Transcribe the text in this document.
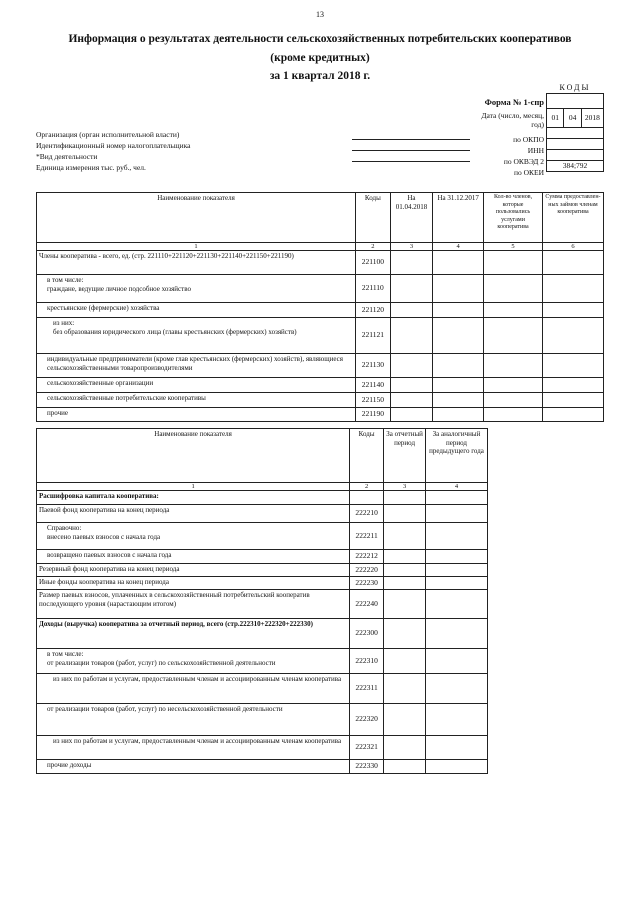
13
Информация о результатах деятельности сельскохозяйственных потребительских кооперативов
(кроме кредитных)
за 1 квартал 2018 г.
КОДЫ
Форма № 1-спр
Дата (число, месяц, год)
по ОКПО
ИНН
по ОКВЭД 2
по ОКЕИ

01	04	2018

384;792
Организация (орган исполнительной власти)
Идентификационный номер налогоплательщика
*Вид деятельности
Единица измерения тыс. руб., чел.
Наименование показателя	Коды	На 01.04.2018	На 31.12.2017	Кол-во членов, которые пользовались услугами кооператива	Сумма предоставлен-ных займов членам кооператива
1	2	3	4	5	6
Члены кооператива - всего, ед. (стр. 221110+221120+221130+221140+221150+221190)	221100				

в том числе:
граждане, ведущие личное подсобное хозяйство	221110				
крестьянские (фермерские) хозяйства	221120				

из них:
без образования юридического лица (главы крестьянских (фермерских) хозяйств)	221121				
индивидуальные предприниматели (кроме глав крестьянских (фермерских) хозяйств), являющиеся сельскохозяйственными товаропроизводителями	221130				
сельскохозяйственные организации	221140				
сельскохозяйственные потребительские кооперативы	221150				
прочие	221190				
Наименование показателя	Коды	За отчетный период	За аналогичный период предыдущего года
1	2	3	4
Расшифровка капитала кооператива:			
Паевой фонд кооператива на конец периода	222210		

Справочно:
внесено паевых взносов с начала года	222211		
возвращено паевых взносов с начала года	222212		
Резервный фонд кооператива на конец периода	222220		
Иные фонды кооператива на конец периода	222230		
Размер паевых взносов, уплаченных в сельскохозяйственный потребительский кооператив последующего уровня (нарастающим итогом)	222240		
Доходы (выручка) кооператива за отчетный период, всего (стр.222310+222320+222330)	222300		

в том числе:
от реализации товаров (работ, услуг) по сельскохозяйственной деятельности	222310		
из них по работам и услугам, предоставленным членам и ассоциированным членам кооператива	222311		
от реализации товаров (работ, услуг) по несельскохозяйственной деятельности	222320		
из них по работам и услугам, предоставленным членам и ассоциированным членам кооператива	222321		
прочие доходы	222330		
